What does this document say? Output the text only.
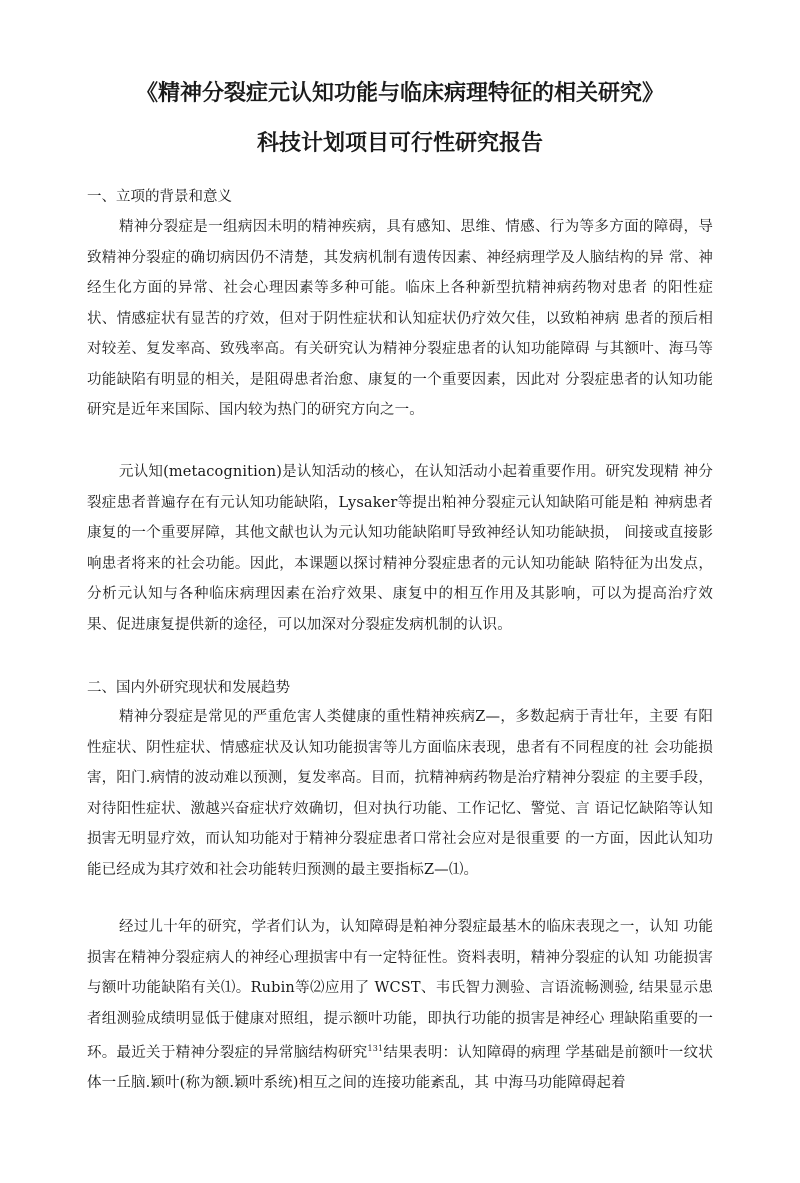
《精神分裂症元认知功能与临床病理特征的相关研究》
科技计划项目可行性研究报告
一、立项的背景和意义

精神分裂症是一组病因未明的精神疾病，具有感知、思维、情感、行为等多方面的障碍，导致精神分裂症的确切病因仍不清楚，其发病机制有遗传因素、神经病理学及人脑结构的异 常、神经生化方面的异常、社会心理因素等多种可能。临床上各种新型抗精神病药物对患者 的阳性症状、情感症状有显苦的疗效，但对于阴性症状和认知症状仍疗效欠佳，以致粕神病 患者的预后相对较差、复发率高、致残率高。有关研究认为精神分裂症患者的认知功能障碍 与其额叶、海马等功能缺陷有明显的相关，是阻碍患者治愈、康复的一个重要因素，因此对 分裂症患者的认知功能研究是近年来国际、国内较为热门的研究方向之一。

元认知(metacognition)是认知活动的核心，在认知活动小起着重要作用。研究发现精 神分裂症患者普遍存在有元认知功能缺陷，Lysaker等提出粕神分裂症元认知缺陷可能是粕 神病患者康复的一个重要屏障，其他文献也认为元认知功能缺陷町导致神经认知功能缺损， 间接或直接影响患者将来的社会功能。因此，本课题以探讨精神分裂症患者的元认知功能缺 陷特征为出发点，分析元认知与各种临床病理因素在治疗效果、康复中的相互作用及其影响，可以为提高治疗效果、促进康复提供新的途径，可以加深对分裂症发病机制的认识。

二、国内外研究现状和发展趋势

精神分裂症是常见的严重危害人类健康的重性精神疾病Z—，多数起病于青壮年，主要 有阳性症状、阴性症状、情感症状及认知功能损害等儿方面临床表现，患者有不同程度的社 会功能损害，阳门.病情的波动难以预测，复发率高。目而，抗精神病药物是治疗精神分裂症 的主要手段，对待阳性症状、激越兴奋症状疗效确切，但对执行功能、工作记忆、警觉、言 语记忆缺陷等认知损害无明显疗效，而认知功能对于精神分裂症患者口常社会应对是很重要 的一方面，因此认知功能已经成为其疗效和社会功能转归预测的最主要指标Z—⑴。

经过儿十年的研究，学者们认为，认知障碍是粕神分裂症最基木的临床表现之一，认知 功能损害在精神分裂症病人的神经心理损害中有一定特征性。资料表明，精神分裂症的认知 功能损害与额叶功能缺陷有关⑴。Rubin等⑵应用了 WCST、韦氏智力测验、言语流畅测验, 结果显示患者组测验成绩明显低于健康对照组，提示额叶功能，即执行功能的损害是神经心 理缺陷重要的一环。最近关于精神分裂症的异常脑结构研究$^{131}$结果表明：认知障碍的病理 学基础是前额叶一纹状体一丘脑.颖叶(称为额.颖叶系统)相互之间的连接功能紊乱，其 中海马功能障碍起着
